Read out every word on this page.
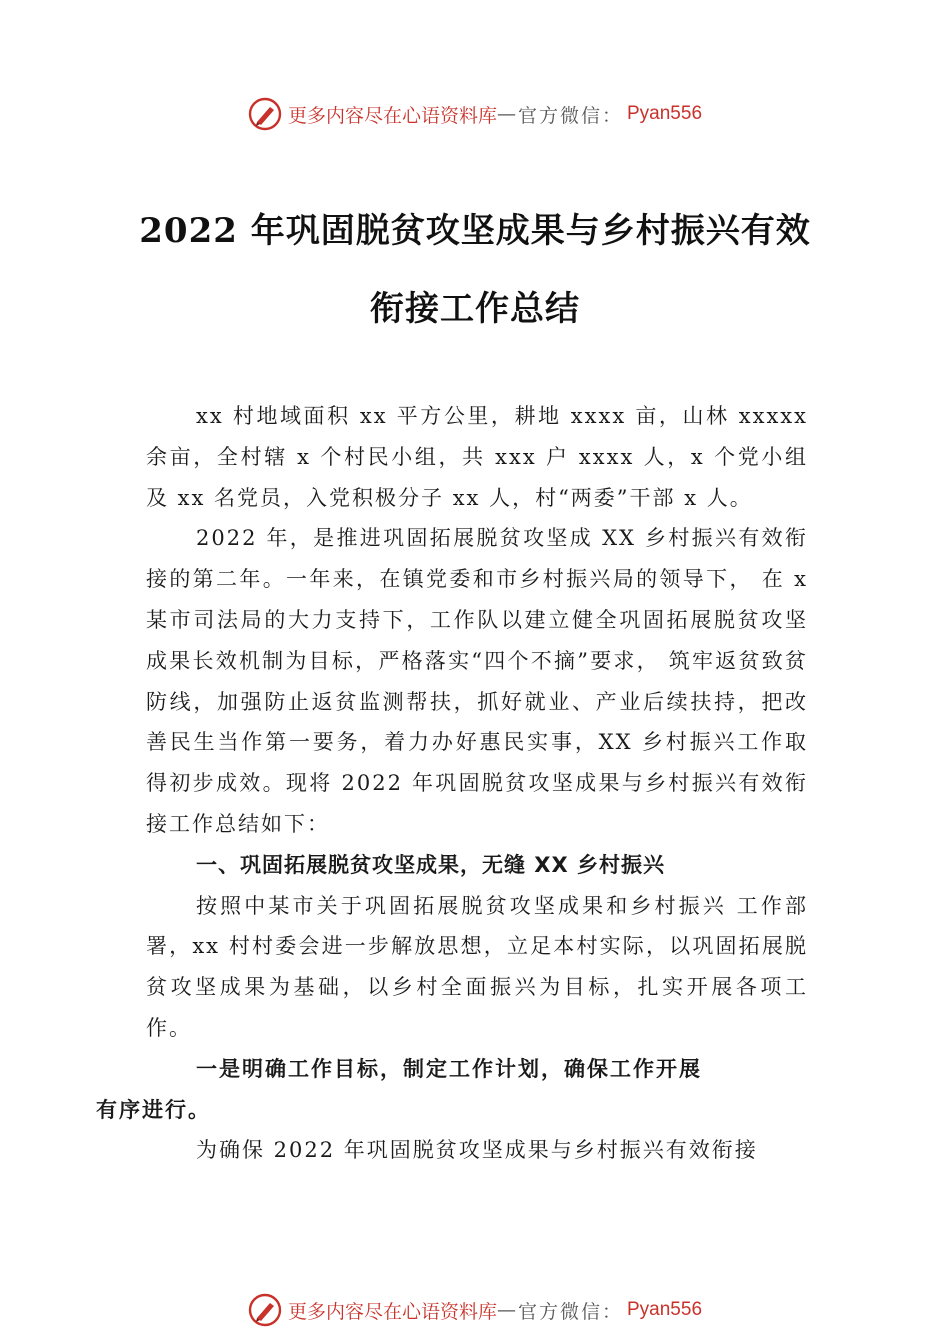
更多内容尽在心语资料库 — 官方微信： Pyan556
2022 年巩固脱贫攻坚成果与乡村振兴有效
衔接工作总结

xx 村地域面积 xx 平方公里，耕地 xxxx 亩，山林 xxxxx 余亩，全村辖 x 个村民小组，共 xxx 户 xxxx 人，x 个党小组及 xx 名党员，入党积极分子 xx 人，村“两委”干部 x 人。

2022 年，是推进巩固拓展脱贫攻坚成 XX 乡村振兴有效衔接的第二年。一年来，在镇党委和市乡村振兴局的领导下， 在 x 某市司法局的大力支持下，工作队以建立健全巩固拓展脱贫攻坚成果长效机制为目标，严格落实“四个不摘”要求， 筑牢返贫致贫防线，加强防止返贫监测帮扶，抓好就业、产业后续扶持，把改善民生当作第一要务，着力办好惠民实事，XX 乡村振兴工作取得初步成效。现将 2022 年巩固脱贫攻坚成果与乡村振兴有效衔接工作总结如下：

一、巩固拓展脱贫攻坚成果，无缝 XX 乡村振兴

按照中某市关于巩固拓展脱贫攻坚成果和乡村振兴 工作部署，xx 村村委会进一步解放思想，立足本村实际，以巩固拓展脱贫攻坚成果为基础，以乡村全面振兴为目标，扎实开展各项工作。

一是明确工作目标，制定工作计划，确保工作开展
有序进行。

为确保 2022 年巩固脱贫攻坚成果与乡村振兴有效衔接

更多内容尽在心语资料库 — 官方微信： Pyan556
